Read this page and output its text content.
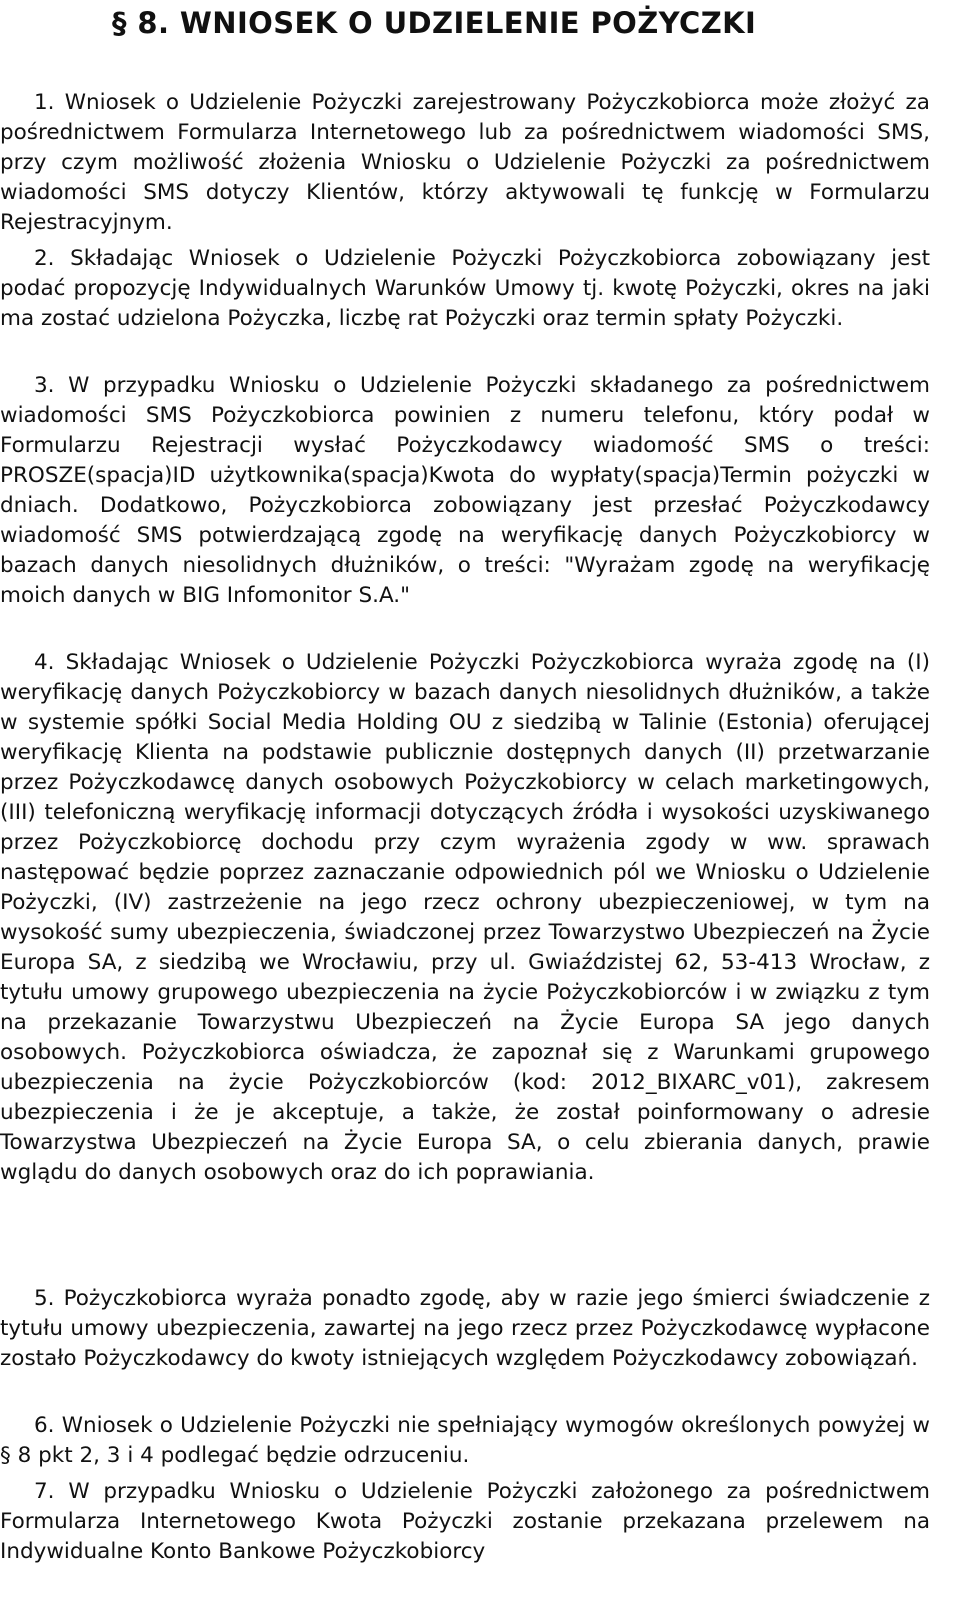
§ 8. WNIOSEK O UDZIELENIE POŻYCZKI

1. Wniosek o Udzielenie Pożyczki zarejestrowany Pożyczkobiorca może złożyć za pośrednictwem Formularza Internetowego lub za pośrednictwem wiadomości SMS, przy czym możliwość złożenia Wniosku o Udzielenie Pożyczki za pośrednictwem wiadomości SMS dotyczy Klientów, którzy aktywowali tę funkcję w Formularzu Rejestracyjnym.

2. Składając Wniosek o Udzielenie Pożyczki Pożyczkobiorca zobowiązany jest podać propozycję Indywidualnych Warunków Umowy tj. kwotę Pożyczki, okres na jaki ma zostać udzielona Pożyczka, liczbę rat Pożyczki oraz termin spłaty Pożyczki.

3. W przypadku Wniosku o Udzielenie Pożyczki składanego za pośrednictwem wiadomości SMS Pożyczkobiorca powinien z numeru telefonu, który podał w Formularzu Rejestracji wysłać Pożyczkodawcy wiadomość SMS o treści: PROSZE(spacja)ID użytkownika(spacja)Kwota do wypłaty(spacja)Termin pożyczki w dniach. Dodatkowo, Pożyczkobiorca zobowiązany jest przesłać Pożyczkodawcy wiadomość SMS potwierdzającą zgodę na weryfikację danych Pożyczkobiorcy w bazach danych niesolidnych dłużników, o treści: "Wyrażam zgodę na weryfikację moich danych w BIG Infomonitor S.A."

4. Składając Wniosek o Udzielenie Pożyczki Pożyczkobiorca wyraża zgodę na (I) weryfikację danych Pożyczkobiorcy w bazach danych niesolidnych dłużników, a także w systemie spółki Social Media Holding OU z siedzibą w Talinie (Estonia) oferującej weryfikację Klienta na podstawie publicznie dostępnych danych (II) przetwarzanie przez Pożyczkodawcę danych osobowych Pożyczkobiorcy w celach marketingowych, (III) telefoniczną weryfikację informacji dotyczących źródła i wysokości uzyskiwanego przez Pożyczkobiorcę dochodu przy czym wyrażenia zgody w ww. sprawach następować będzie poprzez zaznaczanie odpowiednich pól we Wniosku o Udzielenie Pożyczki, (IV) zastrzeżenie na jego rzecz ochrony ubezpieczeniowej, w tym na wysokość sumy ubezpieczenia, świadczonej przez Towarzystwo Ubezpieczeń na Życie Europa SA, z siedzibą we Wrocławiu, przy ul. Gwiaździstej 62, 53-413 Wrocław, z tytułu umowy grupowego ubezpieczenia na życie Pożyczkobiorców i w związku z tym na przekazanie Towarzystwu Ubezpieczeń na Życie Europa SA jego danych osobowych. Pożyczkobiorca oświadcza, że zapoznał się z Warunkami grupowego ubezpieczenia na życie Pożyczkobiorców (kod: 2012_BIXARC_v01), zakresem ubezpieczenia i że je akceptuje, a także, że został poinformowany o adresie Towarzystwa Ubezpieczeń na Życie Europa SA, o celu zbierania danych, prawie wglądu do danych osobowych oraz do ich poprawiania.

5. Pożyczkobiorca wyraża ponadto zgodę, aby w razie jego śmierci świadczenie z tytułu umowy ubezpieczenia, zawartej na jego rzecz przez Pożyczkodawcę wypłacone zostało Pożyczkodawcy do kwoty istniejących względem Pożyczkodawcy zobowiązań.

6. Wniosek o Udzielenie Pożyczki nie spełniający wymogów określonych powyżej w § 8 pkt 2, 3 i 4 podlegać będzie odrzuceniu.

7. W przypadku Wniosku o Udzielenie Pożyczki założonego za pośrednictwem Formularza Internetowego Kwota Pożyczki zostanie przekazana przelewem na Indywidualne Konto Bankowe Pożyczkobiorcy
